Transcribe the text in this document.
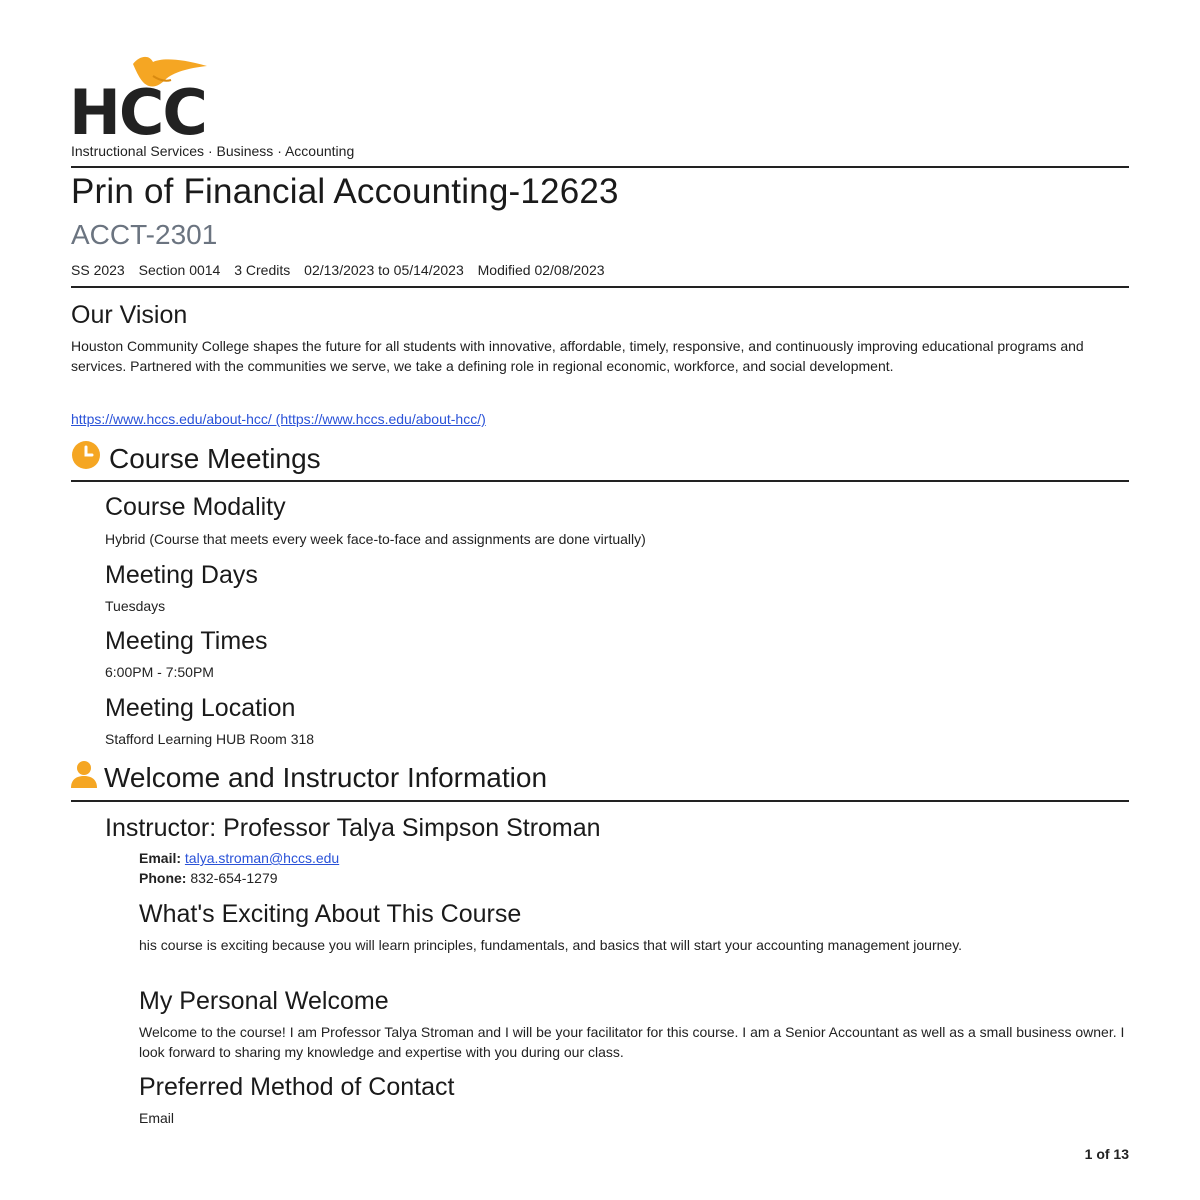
HCC
Instructional Services · Business · Accounting
Prin of Financial Accounting-12623
ACCT-2301
SS 2023 Section 0014 3 Credits 02/13/2023 to 05/14/2023 Modified 02/08/2023
Our Vision
Houston Community College shapes the future for all students with innovative, affordable, timely, responsive, and continuously improving educational programs and services. Partnered with the communities we serve, we take a defining role in regional economic, workforce, and social development.
https://www.hccs.edu/about-hcc/ (https://www.hccs.edu/about-hcc/)
Course Meetings
Course Modality
Hybrid (Course that meets every week face-to-face and assignments are done virtually)
Meeting Days
Tuesdays
Meeting Times
6:00PM - 7:50PM
Meeting Location
Stafford Learning HUB Room 318
Welcome and Instructor Information
Instructor: Professor Talya Simpson Stroman
Email: talya.stroman@hccs.edu
Phone: 832-654-1279
What's Exciting About This Course
his course is exciting because you will learn principles, fundamentals, and basics that will start your accounting management journey.
My Personal Welcome
Welcome to the course! I am Professor Talya Stroman and I will be your facilitator for this course. I am a Senior Accountant as well as a small business owner. I look forward to sharing my knowledge and expertise with you during our class.
Preferred Method of Contact
Email
1 of 13
